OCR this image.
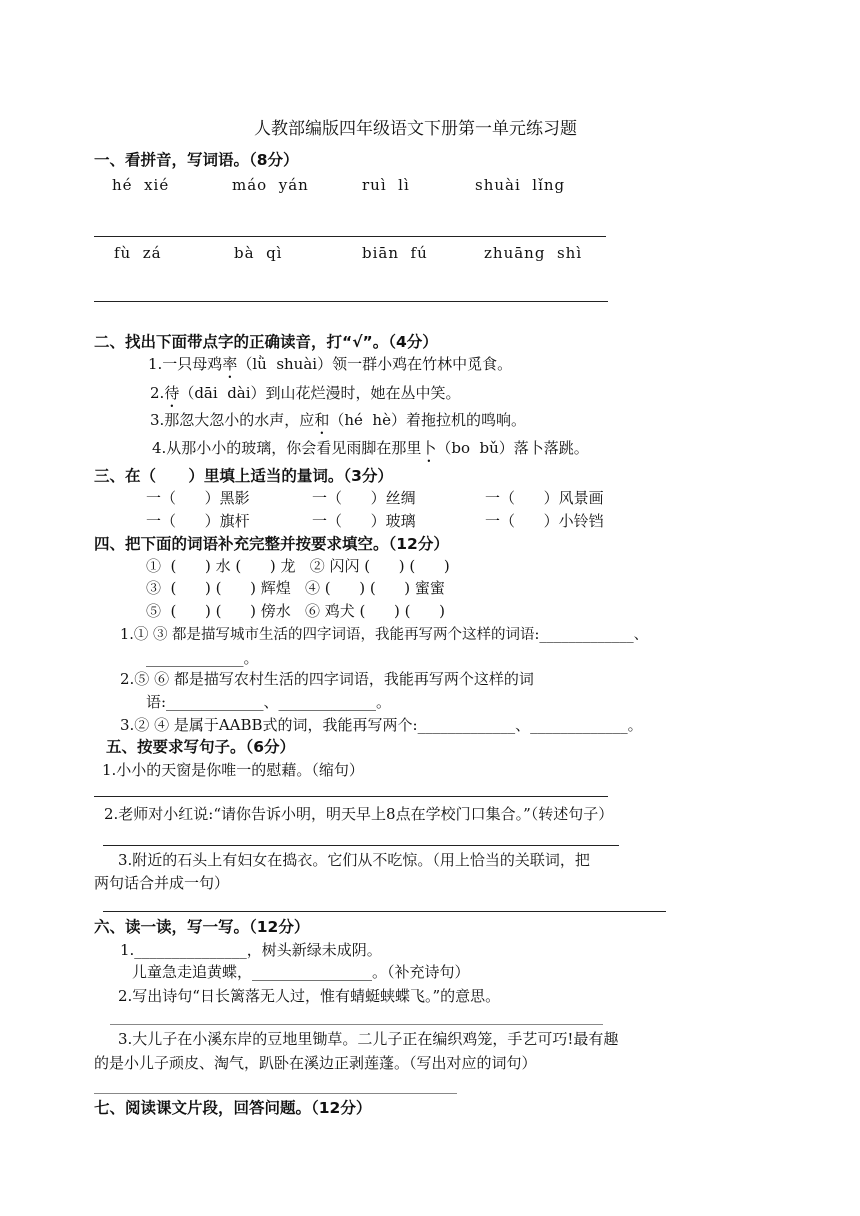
人教部编版四年级语文下册第一单元练习题
一、看拼音，写词语。（8分）
hé  xié	máo  yán	ruì  lì	shuài  lǐng
fù  zá	bà  qì	biān  fú	zhuāng  shì
二、找出下面带点字的正确读音，打“√”。（4分）
1.一只母鸡率（lǜ  shuài）领一群小鸡在竹林中觅食。
2.待（dāi  dài）到山花烂漫时，她在丛中笑。
3.那忽大忽小的水声，应和（hé  hè）着拖拉机的鸣响。
4.从那小小的玻璃，你会看见雨脚在那里卜（bo  bǔ）落卜落跳。
三、在（      ）里填上适当的量词。（3分）
一（      ）黑影	一（      ）丝绸	一（      ）风景画
一（      ）旗杆	一（      ）玻璃	一（      ）小铃铛
四、把下面的词语补充完整并按要求填空。（12分）
①  (      ) 水 (      ) 龙   ② 闪闪 (      ) (      )
③  (      ) (      ) 辉煌   ④ (      ) (      ) 蜜蜜
⑤  (      ) (      ) 傍水   ⑥ 鸡犬 (      ) (      )
1.① ③ 都是描写城市生活的四字词语，我能再写两个这样的词语:_____________、
_____________。
2.⑤ ⑥ 都是描写农村生活的四字词语，我能再写两个这样的词
语:_____________、_____________。
3.② ④ 是属于AABB式的词，我能再写两个:_____________、_____________。
五、按要求写句子。（6分）
1.小小的天窗是你唯一的慰藉。（缩句）
2.老师对小红说:“请你告诉小明，明天早上8点在学校门口集合。”（转述句子）
3.附近的石头上有妇女在捣衣。它们从不吃惊。（用上恰当的关联词，把
两句话合并成一句）
六、读一读，写一写。（12分）
1._______________，树头新绿未成阴。
儿童急走追黄蝶，________________。（补充诗句）
2.写出诗句“日长篱落无人过，惟有蜻蜓蛱蝶飞。”的意思。
3.大儿子在小溪东岸的豆地里锄草。二儿子正在编织鸡笼，手艺可巧!最有趣
的是小儿子顽皮、淘气，趴卧在溪边正剥莲蓬。（写出对应的词句）
七、阅读课文片段，回答问题。（12分）
